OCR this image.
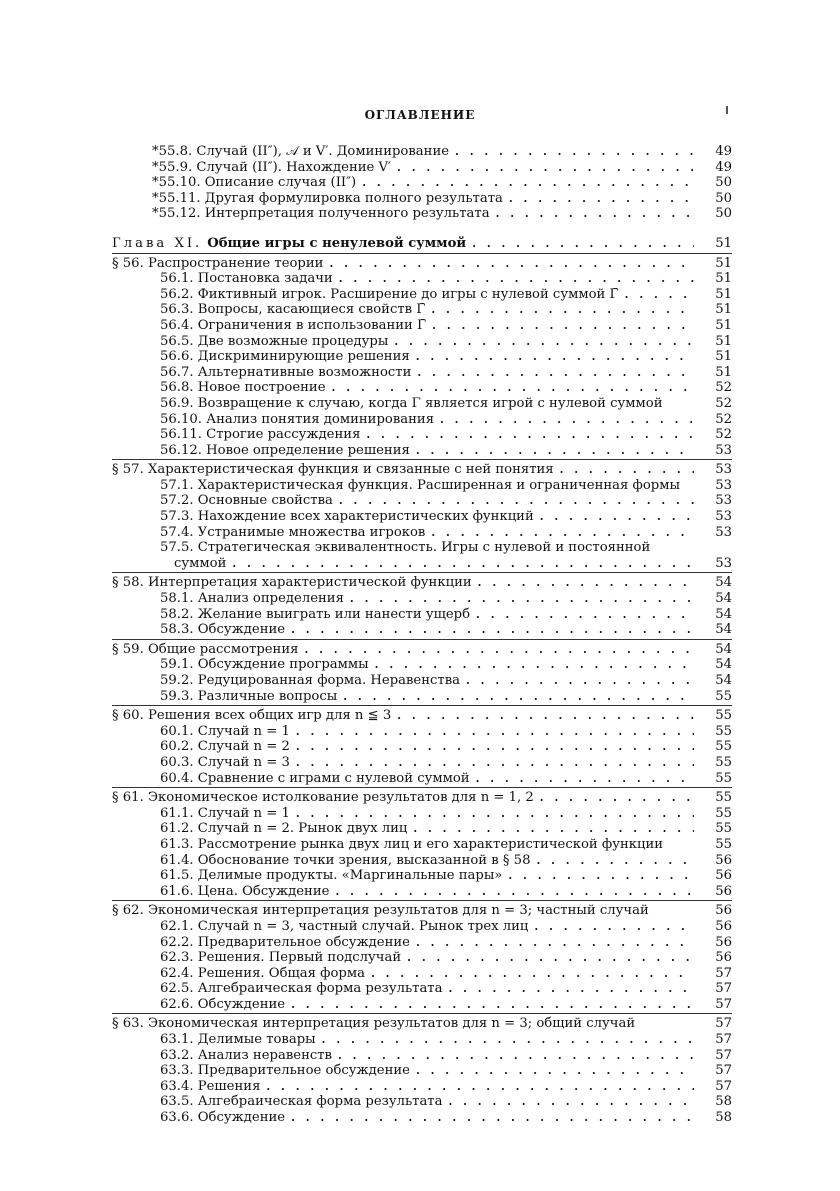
ОГЛАВЛЕНИЕ
*55.8. Случай (II″), 𝒜 и V′. Доминирование . . .	49
*55.9. Случай (II″). Нахождение V′ . . .	49
*55.10. Описание случая (II″) . . .	50
*55.11. Другая формулировка полного результата . . .	50
*55.12. Интерпретация полученного результата . . .	50
Глава XI. Общие игры с ненулевой суммой . . .	51
§ 56. Распространение теории . . .	51
56.1. Постановка задачи . . .	51
56.2. Фиктивный игрок. Расширение до игры с нулевой суммой Γ̄ . . .	51
56.3. Вопросы, касающиеся свойств Γ̄ . . .	51
56.4. Ограничения в использовании Γ̄ . . .	51
56.5. Две возможные процедуры . . .	51
56.6. Дискриминирующие решения . . .	51
56.7. Альтернативные возможности . . .	51
56.8. Новое построение . . .	52
56.9. Возвращение к случаю, когда Γ является игрой с нулевой суммой	52
56.10. Анализ понятия доминирования . . .	52
56.11. Строгие рассуждения . . .	52
56.12. Новое определение решения . . .	53
§ 57. Характеристическая функция и связанные с ней понятия . . .	53
57.1. Характеристическая функция. Расширенная и ограниченная формы	53
57.2. Основные свойства . . .	53
57.3. Нахождение всех характеристических функций . . .	53
57.4. Устранимые множества игроков . . .	53
57.5. Стратегическая эквивалентность. Игры с нулевой и постоянной
суммой . . .	53
§ 58. Интерпретация характеристической функции . . .	54
58.1. Анализ определения . . .	54
58.2. Желание выиграть или нанести ущерб . . .	54
58.3. Обсуждение . . .	54
§ 59. Общие рассмотрения . . .	54
59.1. Обсуждение программы . . .	54
59.2. Редуцированная форма. Неравенства . . .	54
59.3. Различные вопросы . . .	55
§ 60. Решения всех общих игр для n ≦ 3 . . .	55
60.1. Случай n = 1 . . .	55
60.2. Случай n = 2 . . .	55
60.3. Случай n = 3 . . .	55
60.4. Сравнение с играми с нулевой суммой . . .	55
§ 61. Экономическое истолкование результатов для n = 1, 2 . . .	55
61.1. Случай n = 1 . . .	55
61.2. Случай n = 2. Рынок двух лиц . . .	55
61.3. Рассмотрение рынка двух лиц и его характеристической функции	55
61.4. Обоснование точки зрения, высказанной в § 58 . . .	56
61.5. Делимые продукты. «Маргинальные пары» . . .	56
61.6. Цена. Обсуждение . . .	56
§ 62. Экономическая интерпретация результатов для n = 3; частный случай	56
62.1. Случай n = 3, частный случай. Рынок трех лиц . . .	56
62.2. Предварительное обсуждение . . .	56
62.3. Решения. Первый подслучай . . .	56
62.4. Решения. Общая форма . . .	57
62.5. Алгебраическая форма результата . . .	57
62.6. Обсуждение . . .	57
§ 63. Экономическая интерпретация результатов для n = 3; общий случай	57
63.1. Делимые товары . . .	57
63.2. Анализ неравенств . . .	57
63.3. Предварительное обсуждение . . .	57
63.4. Решения . . .	57
63.5. Алгебраическая форма результата . . .	58
63.6. Обсуждение . . .	58
